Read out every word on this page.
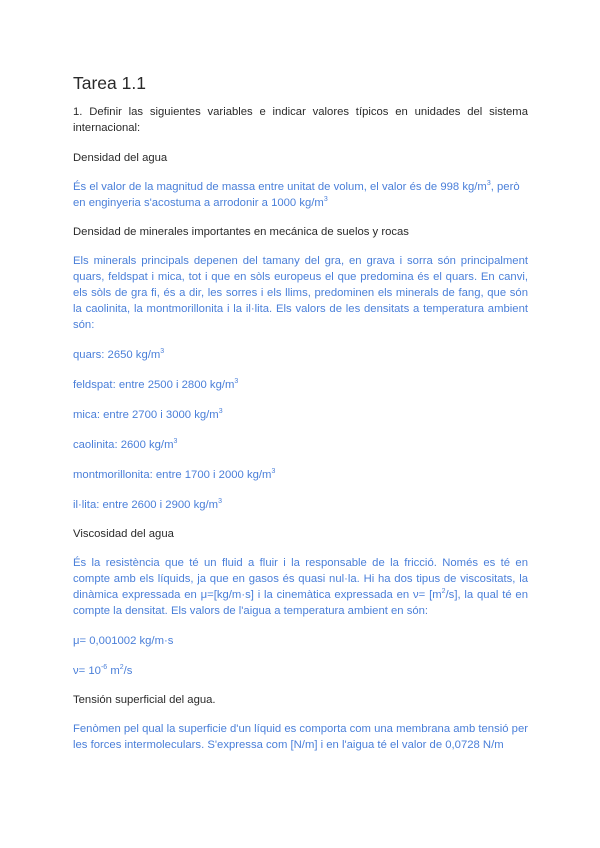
Tarea 1.1

1. Definir las siguientes variables e indicar valores típicos en unidades del sistema internacional:

Densidad del agua

És el valor de la magnitud de massa entre unitat de volum, el valor és de 998 $kg/m^3$, però en enginyeria s'acostuma a arrodonir a 1000 $kg/m^3$

Densidad de minerales importantes en mecánica de suelos y rocas

Els minerals principals depenen del tamany del gra, en grava i sorra són principalment quars, feldspat i mica, tot i que en sòls europeus el que predomina és el quars. En canvi, els sòls de gra fi, és a dir, les sorres i els llims, predominen els minerals de fang, que són la caolinita, la montmorillonita i la il·lita. Els valors de les densitats a temperatura ambient són:

quars: 2650 $kg/m^3$

feldspat: entre 2500 i 2800 $kg/m^3$

mica: entre 2700 i 3000 $kg/m^3$

caolinita: 2600 $kg/m^3$

montmorillonita: entre 1700 i 2000 $kg/m^3$

il·lita: entre 2600 i 2900 $kg/m^3$

Viscosidad del agua

És la resistència que té un fluid a fluir i la responsable de la fricció. Només es té en compte amb els líquids, ja que en gasos és quasi nul·la. Hi ha dos tipus de viscositats, la dinàmica expressada en μ=[kg/m·s] i la cinemàtica expressada en $\nu= [m^2/s]$, la qual té en compte la densitat. Els valors de l'aigua a temperatura ambient en són:

μ= 0,001002 kg/m·s

$\nu= 10^{-6}$ $m^2/s$

Tensión superficial del agua.

Fenòmen pel qual la superficie d'un líquid es comporta com una membrana amb tensió per les forces intermoleculars. S'expressa com [N/m] i en l'aigua té el valor de 0,0728 N/m
